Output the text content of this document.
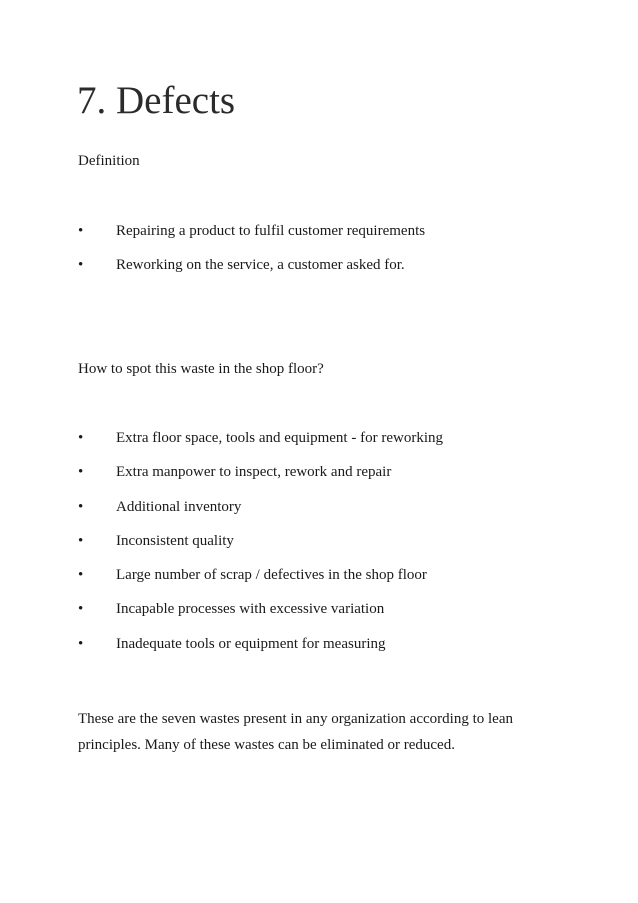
7. Defects

Definition

• Repairing a product to fulfil customer requirements
• Reworking on the service, a customer asked for.

How to spot this waste in the shop floor?

• Extra floor space, tools and equipment - for reworking
• Extra manpower to inspect, rework and repair
• Additional inventory
• Inconsistent quality
• Large number of scrap / defectives in the shop floor
• Incapable processes with excessive variation
• Inadequate tools or equipment for measuring

These are the seven wastes present in any organization according to lean
principles. Many of these wastes can be eliminated or reduced.
